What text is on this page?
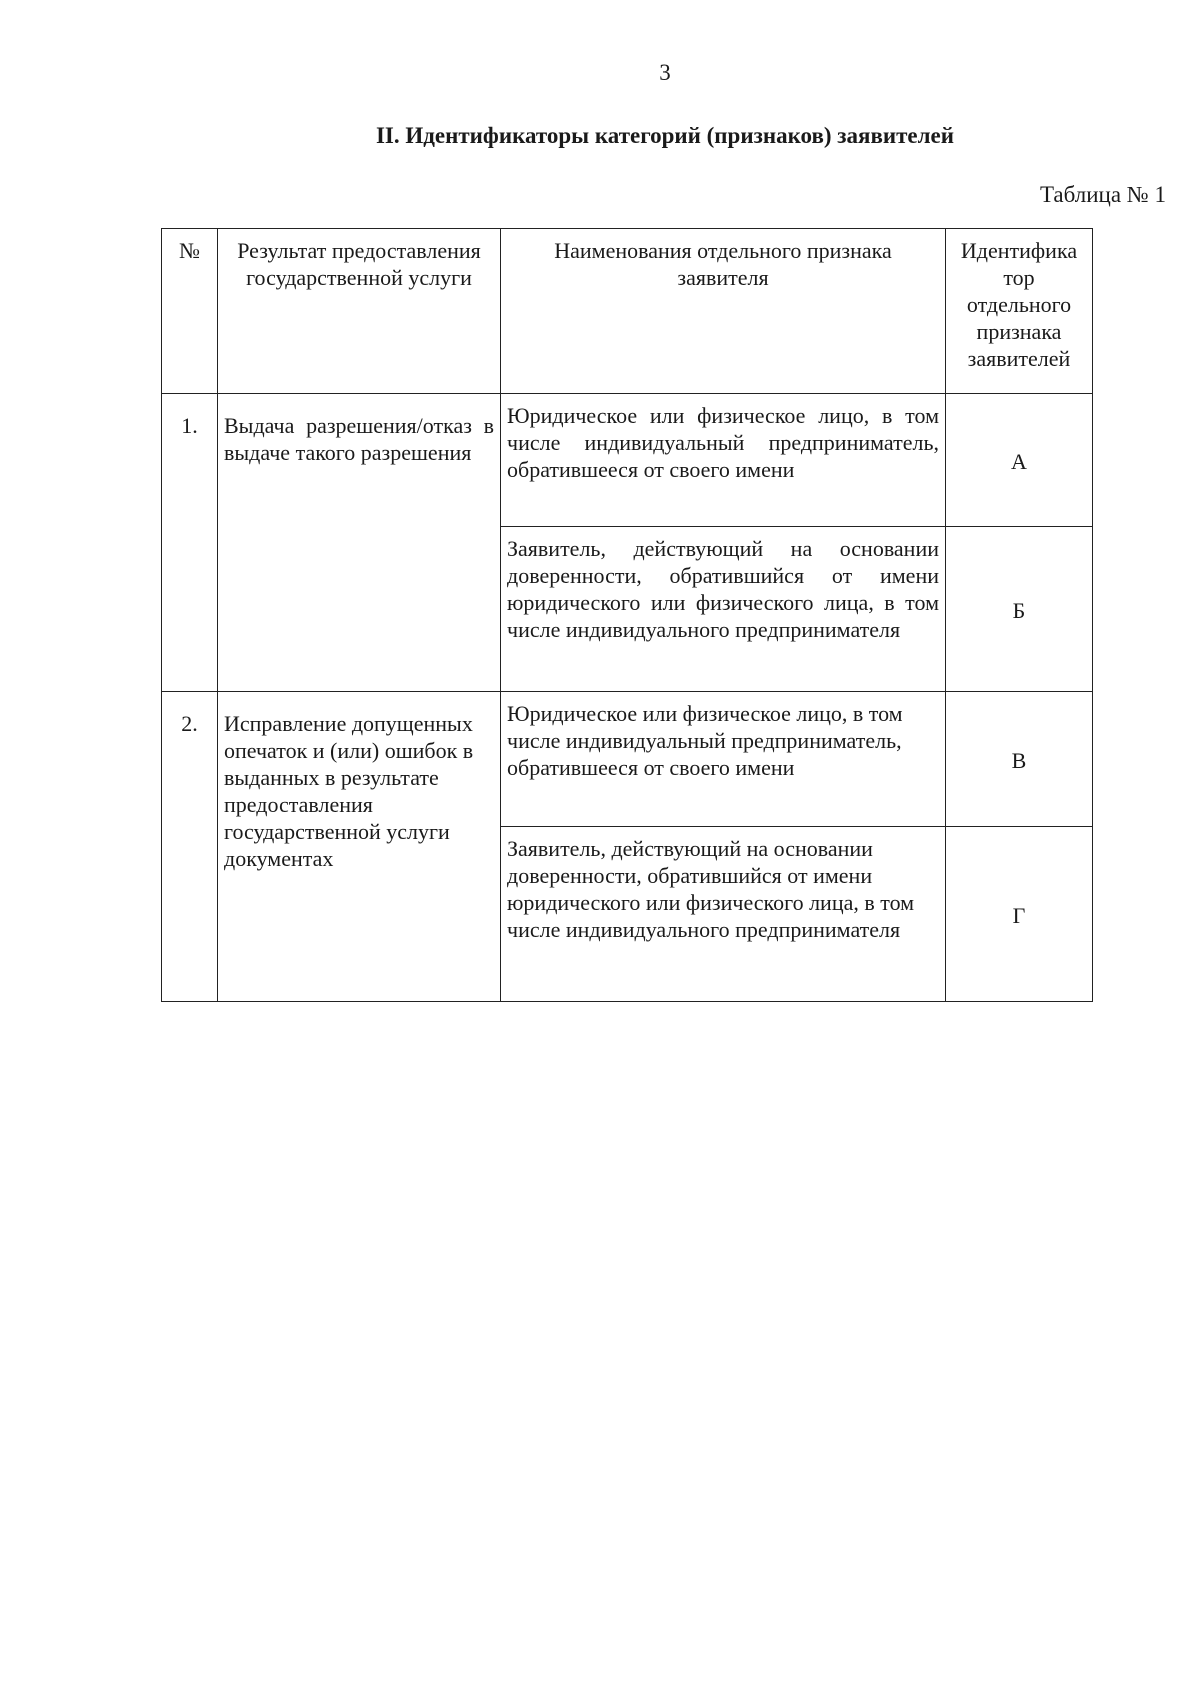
3
II. Идентификаторы категорий (признаков) заявителей
Таблица № 1
№	Результат предоставления государственной услуги	Наименования отдельного признака заявителя	Идентифика тор отдельного признака заявителей
1.	Выдача разрешения/отказ в выдаче такого разрешения	Юридическое или физическое лицо, в том числе индивидуальный предприниматель, обратившееся от своего имени	А
		Заявитель, действующий на основании доверенности, обратившийся от имени юридического или физического лица, в том числе индивидуального предпринимателя	Б
2.	Исправление допущенных опечаток и (или) ошибок в выданных в результате предоставления государственной услуги документах	Юридическое или физическое лицо, в том числе индивидуальный предприниматель, обратившееся от своего имени	В
		Заявитель, действующий на основании доверенности, обратившийся от имени юридического или физического лица, в том числе индивидуального предпринимателя	Г
